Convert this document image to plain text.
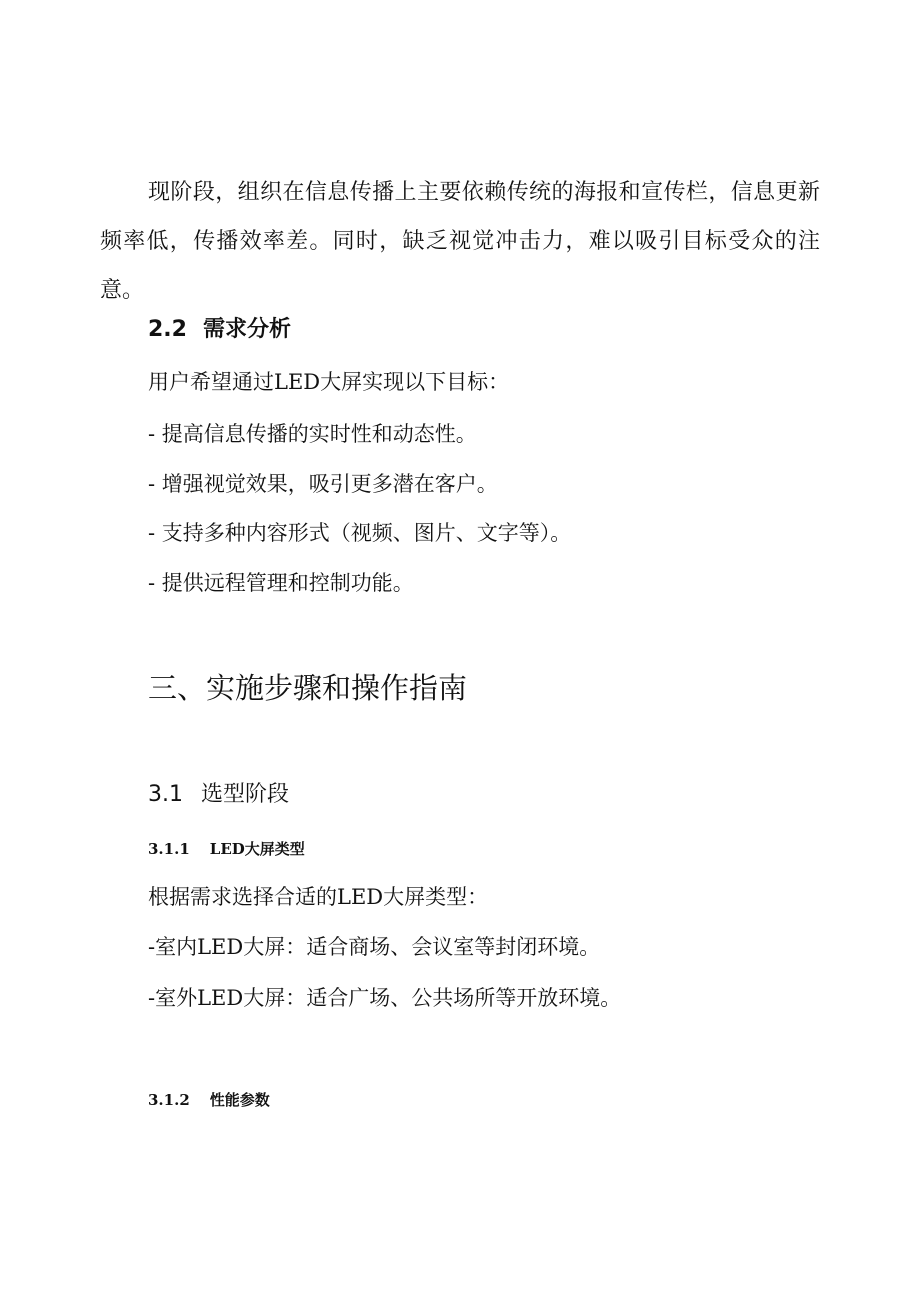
现阶段，组织在信息传播上主要依赖传统的海报和宣传栏，信息更新频率低，传播效率差。同时，缺乏视觉冲击力，难以吸引目标受众的注意。

2.2 需求分析
用户希望通过LED大屏实现以下目标：
- 提高信息传播的实时性和动态性。
- 增强视觉效果，吸引更多潜在客户。
- 支持多种内容形式（视频、图片、文字等）。
- 提供远程管理和控制功能。
三、实施步骤和操作指南
3.1 选型阶段
3.1.1 LED大屏类型
根据需求选择合适的LED大屏类型：
-室内LED大屏：适合商场、会议室等封闭环境。
-室外LED大屏：适合广场、公共场所等开放环境。
3.1.2 性能参数
